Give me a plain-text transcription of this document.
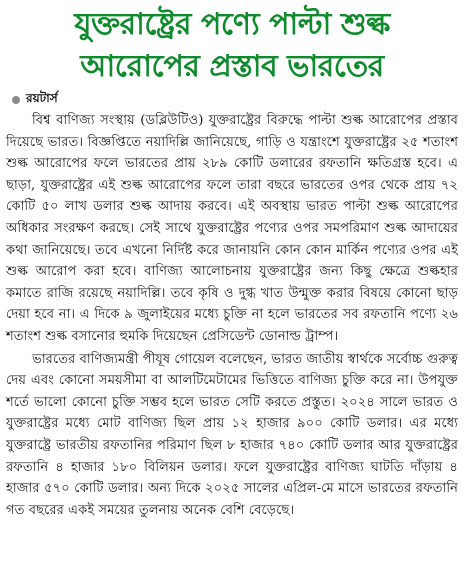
যুক্তরাষ্ট্রের পণ্যে পাল্টা শুল্ক
আরোপের প্রস্তাব ভারতের
রয়টার্স

বিশ্ব বাণিজ্য সংস্থায় (ডব্লিউটিও) যুক্তরাষ্ট্রের বিরুদ্ধে পাল্টা শুল্ক আরোপের প্রস্তাব দিয়েছে ভারত। বিজ্ঞপ্তিতে নয়াদিল্লি জানিয়েছে, গাড়ি ও যন্ত্রাংশে যুক্তরাষ্ট্রের ২৫ শতাংশ শুল্ক আরোপের ফলে ভারতের প্রায় ২৮৯ কোটি ডলারের রফতানি ক্ষতিগ্রস্ত হবে। এ ছাড়া, যুক্তরাষ্ট্রের এই শুল্ক আরোপের ফলে তারা বছরে ভারতের ওপর থেকে প্রায় ৭২ কোটি ৫০ লাখ ডলার শুল্ক আদায় করবে। এই অবস্থায় ভারত পাল্টা শুল্ক আরোপের অধিকার সংরক্ষণ করছে। সেই সাথে যুক্তরাষ্ট্রের পণ্যের ওপর সমপরিমাণ শুল্ক আদায়ের কথা জানিয়েছে। তবে এখনো নির্দিষ্ট করে জানায়নি কোন কোন মার্কিন পণ্যের ওপর এই শুল্ক আরোপ করা হবে। বাণিজ্য আলোচনায় যুক্তরাষ্ট্রের জন্য কিছু ক্ষেত্রে শুল্কহার কমাতে রাজি রয়েছে নয়াদিল্লি। তবে কৃষি ও দুগ্ধ খাত উন্মুক্ত করার বিষয়ে কোনো ছাড় দেয়া হবে না। এ দিকে ৯ জুলাইয়ের মধ্যে চুক্তি না হলে ভারতের সব রফতানি পণ্যে ২৬ শতাংশ শুল্ক বসানোর হুমকি দিয়েছেন প্রেসিডেন্ট ডোনাল্ড ট্রাম্প।

ভারতের বাণিজ্যমন্ত্রী পীযূষ গোয়েল বলেছেন, ভারত জাতীয় স্বার্থকে সর্বোচ্চ গুরুত্ব দেয় এবং কোনো সময়সীমা বা আলটিমেটামের ভিত্তিতে বাণিজ্য চুক্তি করে না। উপযুক্ত শর্তে ভালো কোনো চুক্তি সম্ভব হলে ভারত সেটি করতে প্রস্তুত। ২০২৪ সালে ভারত ও যুক্তরাষ্ট্রের মধ্যে মোট বাণিজ্য ছিল প্রায় ১২ হাজার ৯০০ কোটি ডলার। এর মধ্যে যুক্তরাষ্ট্রে ভারতীয় রফতানির পরিমাণ ছিল ৮ হাজার ৭৪০ কোটি ডলার আর যুক্তরাষ্ট্রের রফতানি ৪ হাজার ১৮০ বিলিয়ন ডলার। ফলে যুক্তরাষ্ট্রের বাণিজ্য ঘাটতি দাঁড়ায় ৪ হাজার ৫৭০ কোটি ডলার। অন্য দিকে ২০২৫ সালের এপ্রিল-মে মাসে ভারতের রফতানি গত বছরের একই সময়ের তুলনায় অনেক বেশি বেড়েছে।
